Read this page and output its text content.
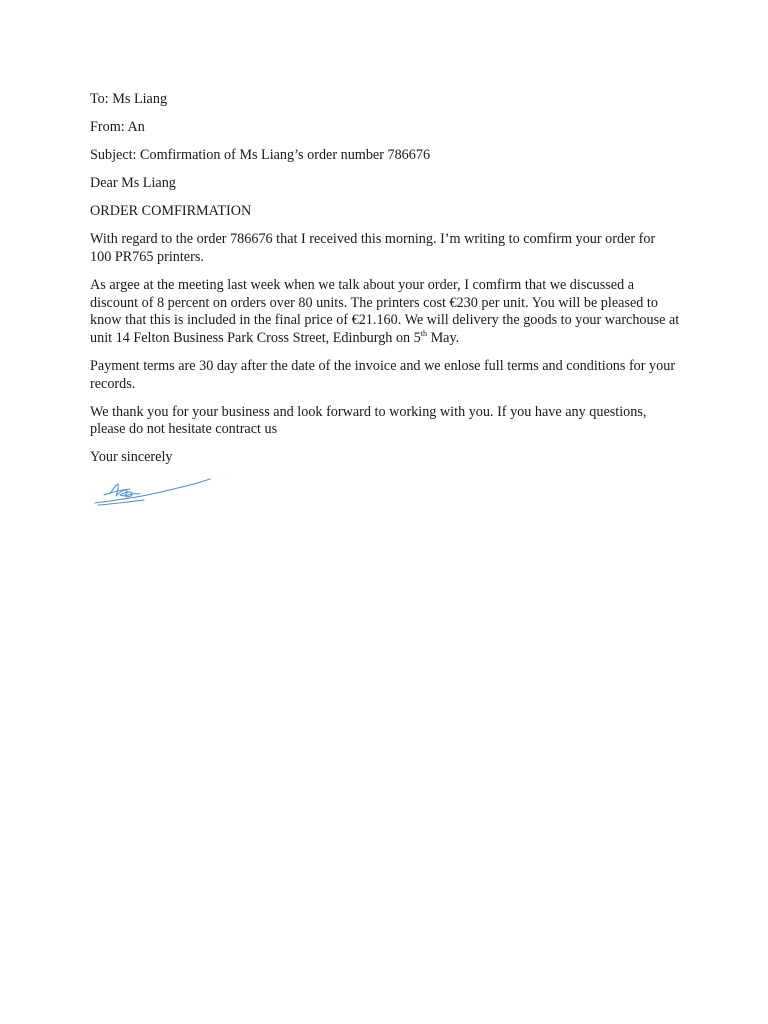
To: Ms Liang
From: An
Subject: Comfirmation of Ms Liang’s order number 786676
Dear Ms Liang
ORDER COMFIRMATION
With regard to the order 786676 that I received this morning. I’m writing to comfirm your order for 100 PR765 printers.
As argee at the meeting last week when we talk about your order, I comfirm that we discussed a discount of 8 percent on orders over 80 units. The printers cost €230 per unit. You will be pleased to know that this is included in the final price of €21.160. We will delivery the goods to your warchouse at unit 14 Felton Business Park Cross Street, Edinburgh on 5th May.
Payment terms are 30 day after the date of the invoice and we enlose full terms and conditions for your records.
We thank you for your business and look forward to working with you. If you have any questions, please do not hesitate contract us
Your sincerely
